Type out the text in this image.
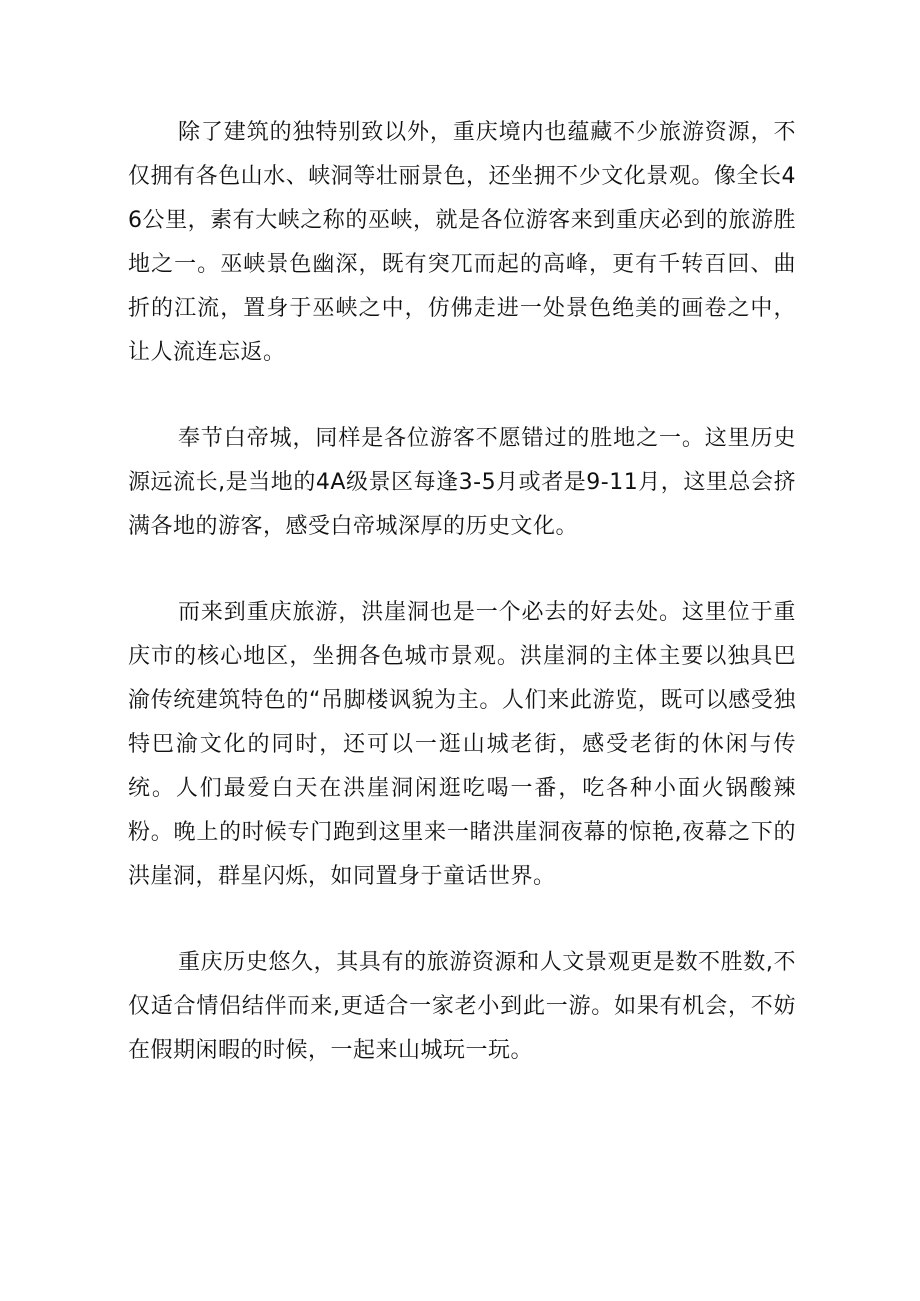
除了建筑的独特别致以外，重庆境内也蕴藏不少旅游资源，不仅拥有各色山水、峡洞等壮丽景色，还坐拥不少文化景观。像全长46公里，素有大峡之称的巫峡，就是各位游客来到重庆必到的旅游胜地之一。巫峡景色幽深，既有突兀而起的高峰，更有千转百回、曲折的江流，置身于巫峡之中，仿佛走进一处景色绝美的画卷之中，让人流连忘返。

奉节白帝城，同样是各位游客不愿错过的胜地之一。这里历史源远流长,是当地的4A级景区每逢3-5月或者是9-11月，这里总会挤满各地的游客，感受白帝城深厚的历史文化。

而来到重庆旅游，洪崖洞也是一个必去的好去处。这里位于重庆市的核心地区，坐拥各色城市景观。洪崖洞的主体主要以独具巴渝传统建筑特色的“吊脚楼讽貌为主。人们来此游览，既可以感受独特巴渝文化的同时，还可以一逛山城老街，感受老街的休闲与传统。人们最爱白天在洪崖洞闲逛吃喝一番，吃各种小面火锅酸辣粉。晚上的时候专门跑到这里来一睹洪崖洞夜幕的惊艳,夜幕之下的洪崖洞，群星闪烁，如同置身于童话世界。

重庆历史悠久，其具有的旅游资源和人文景观更是数不胜数,不仅适合情侣结伴而来,更适合一家老小到此一游。如果有机会，不妨在假期闲暇的时候，一起来山城玩一玩。
